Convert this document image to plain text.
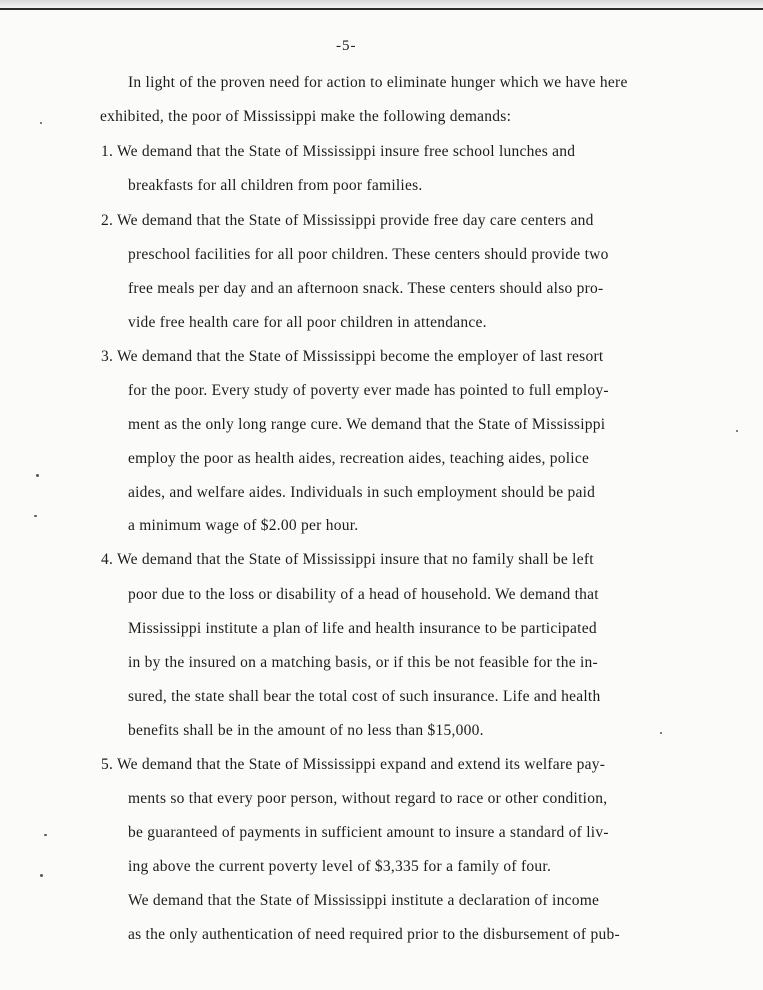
-5-
In light of the proven need for action to eliminate hunger which we have here
exhibited, the poor of Mississippi make the following demands:
1. We demand that the State of Mississippi insure free school lunches and
breakfasts for all children from poor families.
2. We demand that the State of Mississippi provide free day care centers and
preschool facilities for all poor children. These centers should provide two
free meals per day and an afternoon snack. These centers should also pro-
vide free health care for all poor children in attendance.
3. We demand that the State of Mississippi become the employer of last resort
for the poor. Every study of poverty ever made has pointed to full employ-
ment as the only long range cure. We demand that the State of Mississippi
employ the poor as health aides, recreation aides, teaching aides, police
aides, and welfare aides. Individuals in such employment should be paid
a minimum wage of $2.00 per hour.
4. We demand that the State of Mississippi insure that no family shall be left
poor due to the loss or disability of a head of household. We demand that
Mississippi institute a plan of life and health insurance to be participated
in by the insured on a matching basis, or if this be not feasible for the in-
sured, the state shall bear the total cost of such insurance. Life and health
benefits shall be in the amount of no less than $15,000.
5. We demand that the State of Mississippi expand and extend its welfare pay-
ments so that every poor person, without regard to race or other condition,
be guaranteed of payments in sufficient amount to insure a standard of liv-
ing above the current poverty level of $3,335 for a family of four.
We demand that the State of Mississippi institute a declaration of income
as the only authentication of need required prior to the disbursement of pub-
